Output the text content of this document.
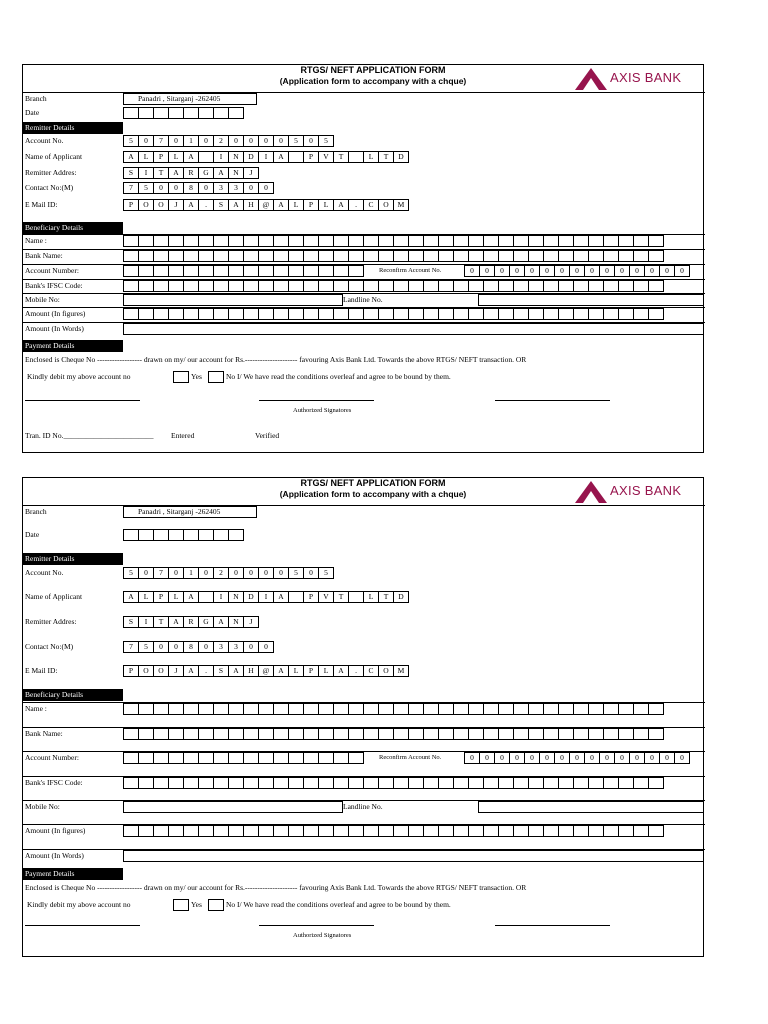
RTGS/ NEFT APPLICATION FORM
(Application form to accompany with a chque)	AXIS BANK
Branch	Panadri , Sitarganj -262405
Date
Remitter Details
Account No.	5	0	7	0	1	0	2	0	0	0	0	5	0	5
Name of Applicant	A	L	P	L	A	I	N	D	I	A	P	V	T	L	T	D
Remitter Addres:	S	I	T	A	R	G	A	N	J
Contact No:(M)	7	5	0	0	8	0	3	3	0	0
E Mail ID:	P	O	O	J	A	.	S	A	H	@	A	L	P	L	A	.	C	O	M
Beneficiary Details
Name :
Bank Name:
Account Number:	Reconfirm Account No.	0	0	0	0	0	0	0	0	0	0	0	0	0	0	0
Bank's IFSC Code:
Mobile No:	Landline No.
Amount (In figures)
Amount (In Words)
Payment Details
Enclosed is Cheque No ------------------ drawn on my/ our account for Rs.--------------------- favouring Axis Bank Ltd. Towards the above RTGS/ NEFT transaction. OR
Kindly debit my above account no	Yes	No I/ We have read the conditions overleaf and agree to be bound by them.
Authorized Signatores
Tran. ID No.________________________ Entered	Verified
RTGS/ NEFT APPLICATION FORM
(Application form to accompany with a chque)	AXIS BANK
Branch	Panadri , Sitarganj -262405
Date
Remitter Details
Account No.	5	0	7	0	1	0	2	0	0	0	0	5	0	5
Name of Applicant	A	L	P	L	A	I	N	D	I	A	P	V	T	L	T	D
Remitter Addres:	S	I	T	A	R	G	A	N	J
Contact No:(M)	7	5	0	0	8	0	3	3	0	0
E Mail ID:	P	O	O	J	A	.	S	A	H	@	A	L	P	L	A	.	C	O	M
Beneficiary Details
Name :
Bank Name:
Account Number:	Reconfirm Account No.	0	0	0	0	0	0	0	0	0	0	0	0	0	0	0
Bank's IFSC Code:
Mobile No:	Landline No.
Amount (In figures)
Amount (In Words)
Payment Details
Enclosed is Cheque No ------------------ drawn on my/ our account for Rs.--------------------- favouring Axis Bank Ltd. Towards the above RTGS/ NEFT transaction. OR
Kindly debit my above account no	Yes	No I/ We have read the conditions overleaf and agree to be bound by them.
Authorized Signatores
